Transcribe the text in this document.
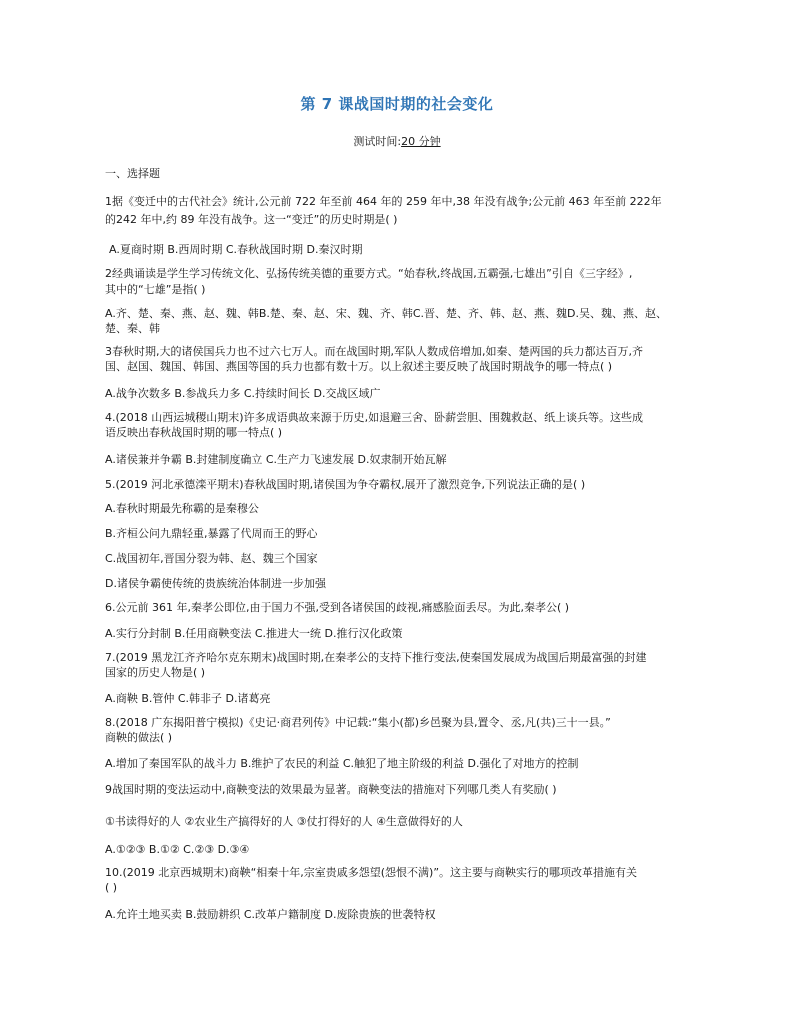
第 7 课战国时期的社会变化
测试时间:20 分钟
一、选择题
1据《变迁中的古代社会》统计,公元前 722 年至前 464 年的 259 年中,38 年没有战争;公元前 463 年至前 222年
的242 年中,约 89 年没有战争。这一“变迁”的历史时期是( )
A.夏商时期 B.西周时期 C.春秋战国时期 D.秦汉时期
2经典诵读是学生学习传统文化、弘扬传统美德的重要方式。“始春秋,终战国,五霸强,七雄出”引自《三字经》,
其中的“七雄”是指( )
A.齐、楚、秦、燕、赵、魏、韩B.楚、秦、赵、宋、魏、齐、韩C.晋、楚、齐、韩、赵、燕、魏D.吴、魏、燕、赵、
楚、秦、韩
3春秋时期,大的诸侯国兵力也不过六七万人。而在战国时期,军队人数成倍增加,如秦、楚两国的兵力都达百万,齐
国、赵国、魏国、韩国、燕国等国的兵力也都有数十万。以上叙述主要反映了战国时期战争的哪一特点( )
A.战争次数多 B.参战兵力多 C.持续时间长 D.交战区域广
4.(2018 山西运城稷山期末)许多成语典故来源于历史,如退避三舍、卧薪尝胆、围魏救赵、纸上谈兵等。这些成
语反映出春秋战国时期的哪一特点( )
A.诸侯兼并争霸 B.封建制度确立 C.生产力飞速发展 D.奴隶制开始瓦解
5.(2019 河北承德滦平期末)春秋战国时期,诸侯国为争夺霸权,展开了激烈竞争,下列说法正确的是( )
A.春秋时期最先称霸的是秦穆公
B.齐桓公问九鼎轻重,暴露了代周而王的野心
C.战国初年,晋国分裂为韩、赵、魏三个国家
D.诸侯争霸使传统的贵族统治体制进一步加强
6.公元前 361 年,秦孝公即位,由于国力不强,受到各诸侯国的歧视,痛感脸面丢尽。为此,秦孝公( )
A.实行分封制 B.任用商鞅变法 C.推进大一统 D.推行汉化政策
7.(2019 黑龙江齐齐哈尔克东期末)战国时期,在秦孝公的支持下推行变法,使秦国发展成为战国后期最富强的封建
国家的历史人物是( )
A.商鞅 B.管仲 C.韩非子 D.诸葛亮
8.(2018 广东揭阳普宁模拟)《史记·商君列传》中记载:“集小(都)乡邑聚为县,置令、丞,凡(共)三十一县。”
商鞅的做法( )
A.增加了秦国军队的战斗力 B.维护了农民的利益 C.触犯了地主阶级的利益 D.强化了对地方的控制
9战国时期的变法运动中,商鞅变法的效果最为显著。商鞅变法的措施对下列哪几类人有奖励( )
①书读得好的人 ②农业生产搞得好的人 ③仗打得好的人 ④生意做得好的人
A.①②③ B.①② C.②③ D.③④
10.(2019 北京西城期末)商鞅“相秦十年,宗室贵戚多怨望(怨恨不满)”。这主要与商鞅实行的哪项改革措施有关
( )
A.允许土地买卖 B.鼓励耕织 C.改革户籍制度 D.废除贵族的世袭特权
